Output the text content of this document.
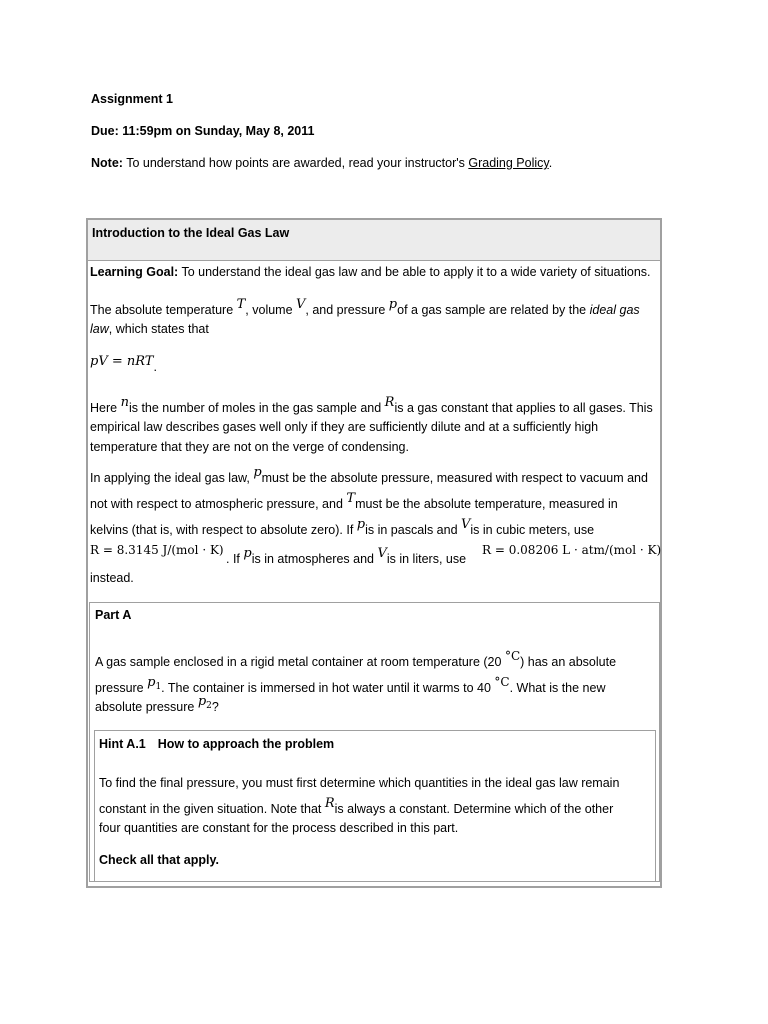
Assignment 1
Due: 11:59pm on Sunday, May 8, 2011
Note: To understand how points are awarded, read your instructor's Grading Policy.
Introduction to the Ideal Gas Law
Learning Goal: To understand the ideal gas law and be able to apply it to a wide variety of situations.
The absolute temperature T, volume V, and pressure pof a gas sample are related by the ideal gas
law, which states that
pV = nRT.
Here nis the number of moles in the gas sample and Ris a gas constant that applies to all gases. This
empirical law describes gases well only if they are sufficiently dilute and at a sufficiently high
temperature that they are not on the verge of condensing.
In applying the ideal gas law, pmust be the absolute pressure, measured with respect to vacuum and
not with respect to atmospheric pressure, and Tmust be the absolute temperature, measured in
kelvins (that is, with respect to absolute zero). If pis in pascals and Vis in cubic meters, use
R = 8.3145 J/(mol · K)
. If pis in atmospheres and Vis in liters, use
R = 0.08206 L · atm/(mol · K)
instead.
Part A
A gas sample enclosed in a rigid metal container at room temperature (20 °C) has an absolute
pressure $p_1$. The container is immersed in hot water until it warms to 40 °C. What is the new
absolute pressure $p_2$?
Hint A.1 How to approach the problem
To find the final pressure, you must first determine which quantities in the ideal gas law remain
constant in the given situation. Note that Ris always a constant. Determine which of the other
four quantities are constant for the process described in this part.
Check all that apply.
